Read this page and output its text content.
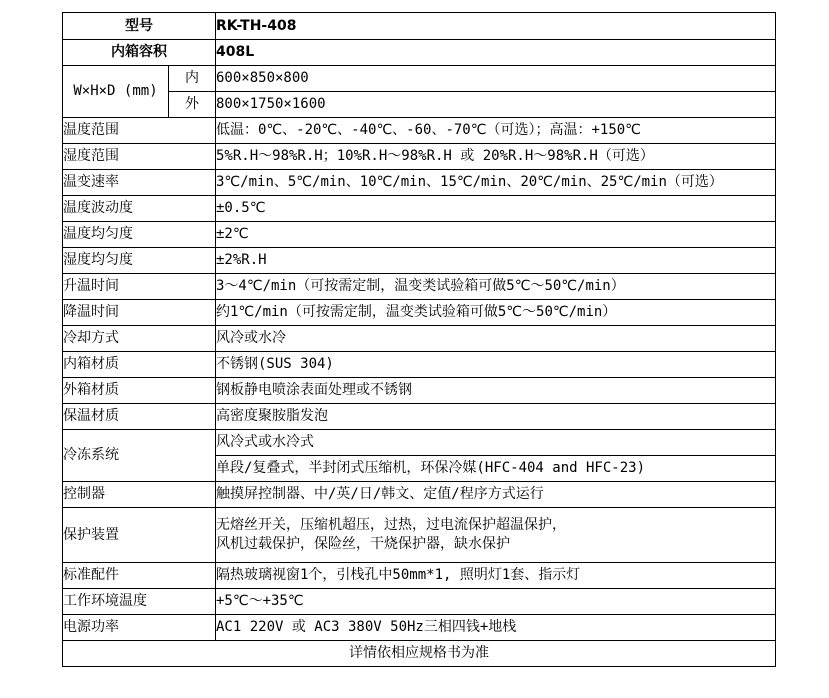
型号		RK-TH-408
内箱容积		408L
W×H×D (mm)	内	600×850×800
	外	800×1750×1600
温度范围		低温：0℃、-20℃、-40℃、-60、-70℃（可选）；高温：+150℃
湿度范围		5%R.H～98%R.H；10%R.H～98%R.H 或 20%R.H～98%R.H（可选）
温变速率		3℃/min、5℃/min、10℃/min、15℃/min、20℃/min、25℃/min（可选）
温度波动度		±0.5℃
温度均匀度		±2℃
湿度均匀度		±2%R.H
升温时间		3～4℃/min（可按需定制，温变类试验箱可做5℃～50℃/min）
降温时间		约1℃/min（可按需定制，温变类试验箱可做5℃～50℃/min）
冷却方式		风冷或水冷
内箱材质		不锈钢(SUS 304)
外箱材质		钢板静电喷涂表面处理或不锈钢
保温材质		高密度聚胺脂发泡
冷冻系统		风冷式或水冷式
		单段/复叠式，半封闭式压缩机，环保冷媒(HFC-404 and HFC-23)
控制器		触摸屏控制器、中/英/日/韩文、定值/程序方式运行
保护装置		无熔丝开关，压缩机超压，过热，过电流保护超温保护，
风机过载保护，保险丝，干烧保护器，缺水保护

标准配件		隔热玻璃视窗1个，引栈孔中50mm*1, 照明灯1套、指示灯
工作环境温度		+5℃～+35℃
电源功率		AC1 220V 或 AC3 380V 50Hz三相四钱+地栈
详情依相应规格书为准		
